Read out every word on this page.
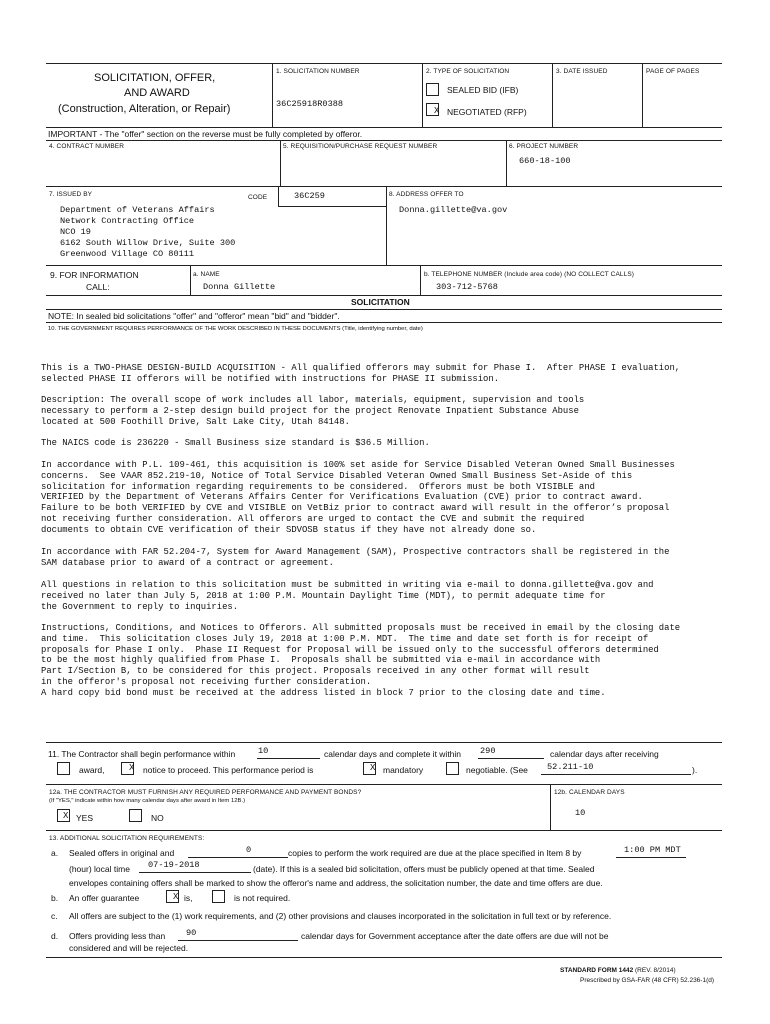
SOLICITATION, OFFER,
AND AWARD
(Construction, Alteration, or Repair)
1. SOLICITATION NUMBER
36C25918R0388
2. TYPE OF SOLICITATION
SEALED BID (IFB)
X NEGOTIATED (RFP)
3. DATE ISSUED	PAGE OF PAGES
IMPORTANT - The "offer" section on the reverse must be fully completed by offeror.
4. CONTRACT NUMBER	5. REQUISITION/PURCHASE REQUEST NUMBER	6. PROJECT NUMBER
660-18-100
7. ISSUED BY	CODE	36C259
Department of Veterans Affairs
Network Contracting Office
NCO 19
6162 South Willow Drive, Suite 300
Greenwood Village CO 80111
8. ADDRESS OFFER TO
Donna.gillette@va.gov
9. FOR INFORMATION
CALL:
a. NAME
Donna Gillette
b. TELEPHONE NUMBER (Include area code) (NO COLLECT CALLS)
303-712-5768
SOLICITATION
NOTE: In sealed bid solicitations "offer" and "offeror" mean "bid" and "bidder".
10. THE GOVERNMENT REQUIRES PERFORMANCE OF THE WORK DESCRIBED IN THESE DOCUMENTS (Title, identifying number, date)
This is a TWO-PHASE DESIGN-BUILD ACQUISITION - All qualified offerors may submit for Phase I.  After PHASE I evaluation,
selected PHASE II offerors will be notified with instructions for PHASE II submission.
Description: The overall scope of work includes all labor, materials, equipment, supervision and tools
necessary to perform a 2-step design build project for the project Renovate Inpatient Substance Abuse
located at 500 Foothill Drive, Salt Lake City, Utah 84148.
The NAICS code is 236220 - Small Business size standard is $36.5 Million.
In accordance with P.L. 109-461, this acquisition is 100% set aside for Service Disabled Veteran Owned Small Businesses
concerns.  See VAAR 852.219-10, Notice of Total Service Disabled Veteran Owned Small Business Set-Aside of this
solicitation for information regarding requirements to be considered.  Offerors must be both VISIBLE and
VERIFIED by the Department of Veterans Affairs Center for Verifications Evaluation (CVE) prior to contract award.
Failure to be both VERIFIED by CVE and VISIBLE on VetBiz prior to contract award will result in the offeror’s proposal
not receiving further consideration. All offerors are urged to contact the CVE and submit the required
documents to obtain CVE verification of their SDVOSB status if they have not already done so.
In accordance with FAR 52.204-7, System for Award Management (SAM), Prospective contractors shall be registered in the
SAM database prior to award of a contract or agreement.
All questions in relation to this solicitation must be submitted in writing via e-mail to donna.gillette@va.gov and
received no later than July 5, 2018 at 1:00 P.M. Mountain Daylight Time (MDT), to permit adequate time for
the Government to reply to inquiries.
Instructions, Conditions, and Notices to Offerors. All submitted proposals must be received in email by the closing date
and time.  This solicitation closes July 19, 2018 at 1:00 P.M. MDT.  The time and date set forth is for receipt of
proposals for Phase I only.  Phase II Request for Proposal will be issued only to the successful offerors determined
to be the most highly qualified from Phase I.  Proposals shall be submitted via e-mail in accordance with
Part I/Section B, to be considered for this project. Proposals received in any other format will result
in the offeror's proposal not receiving further consideration.
A hard copy bid bond must be received at the address listed in block 7 prior to the closing date and time.
11. The Contractor shall begin performance within	10	calendar days and complete it within 290	calendar days after receiving
award,	X notice to proceed. This performance period is	X mandatory	negotiable. (See 52.211-10	).
12a. THE CONTRACTOR MUST FURNISH ANY REQUIRED PERFORMANCE AND PAYMENT BONDS?
(If "YES," indicate within how many calendar days after award in Item 12B.)
X YES	NO
12b. CALENDAR DAYS
10
13. ADDITIONAL SOLICITATION REQUIREMENTS:
a. Sealed offers in original and	0	copies to perform the work required are due at the place specified in Item 8 by	1:00 PM MDT
(hour) local time 07-19-2018	(date). If this is a sealed bid solicitation, offers must be publicly opened at that time. Sealed
envelopes containing offers shall be marked to show the offeror's name and address, the solicitation number, the date and time offers are due.
b. An offer guarantee	X is,	is not required.
c. All offers are subject to the (1) work requirements, and (2) other provisions and clauses incorporated in the solicitation in full text or by reference.
d. Offers providing less than 90	calendar days for Government acceptance after the date offers are due will not be
considered and will be rejected.
STANDARD FORM 1442 (REV. 8/2014)
Prescribed by GSA-FAR (48 CFR) 52.236-1(d)
